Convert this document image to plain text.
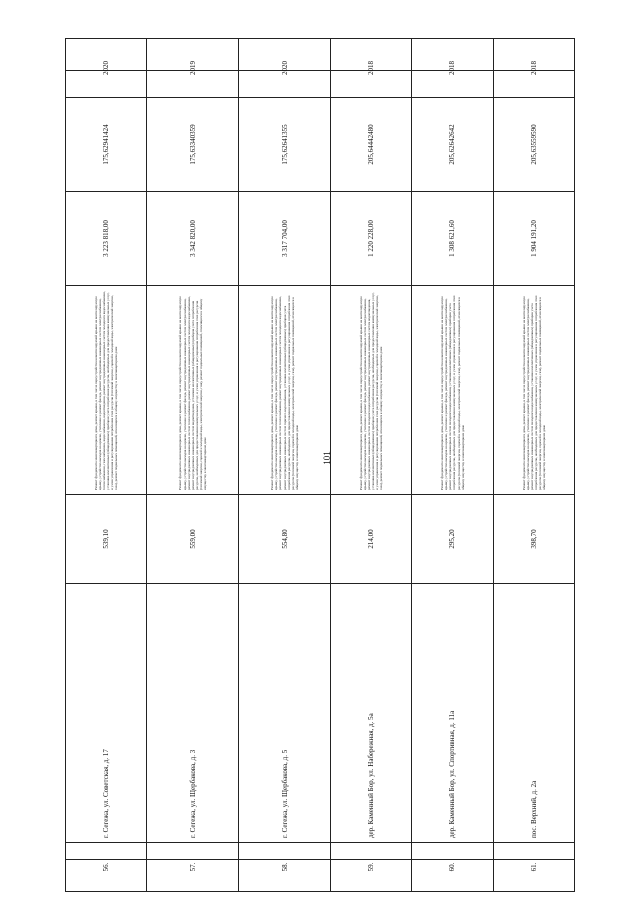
101
56.	г. Сегежа, ул. Советская, д. 17	539,10	Ремонт фундамента многоквартирного дома, ремонт крыши, в том числе переустройство невентилируемой крыши на вентилируемую крышу, устройство выходов на кровлю, утепление и ремонт фасада, ремонт внутридомовых инженерных систем электроснабжения, теплоснабжения, газоснабжения, водоснабжения, водоотведения, ремонт внутридомовых инженерных систем холодного водоснабжения, установка коллективных (общедомовых) приборов учета потребления ресурсов, необходимых для предоставления коммунальных услуг, и узлов управления и регулирования потребления этих ресурсов (тепловой энергии, горячей и холодной воды, электрической энергии, газа), ремонт подвальных помещений, относящихся к общему имуществу в многоквартирном доме	3 223 818,00	175,62941424	2020
57.	г. Сегежа, ул. Щербакова, д. 3	559,00	Ремонт фундамента многоквартирного дома, ремонт крыши, в том числе переустройство невентилируемой крыши на вентилируемую крышу, устройство выходов на кровлю, утепление и ремонт фасада, ремонт внутридомовых инженерных систем электроснабжения, ремонт внутридомовых инженерных систем теплоснабжения, ремонт внутридомовых инженерных систем холодного водоснабжения, ремонт внутридомовых инженерных систем водоотведения, установка коллективных (общедомовых) приборов учета потребления ресурсов, необходимых для предоставления коммунальных услуг, и узлов управления и регулирования потребления этих ресурсов (тепловой энергии, горячей и холодной воды, электрической энергии, газа), ремонт подвальных помещений, относящихся к общему имуществу в многоквартирном доме	3 342 820,00	175,63340359	2019
58.	г. Сегежа, ул. Щербакова, д. 5	554,80	Ремонт фундамента многоквартирного дома, ремонт крыши, в том числе переустройство невентилируемой крыши на вентилируемую крышу, устройство выходов на кровлю, утепление и ремонт фасада, ремонт внутридомовых инженерных систем электроснабжения, ремонт внутридомовых инженерных систем теплоснабжения, ремонт внутридомовых инженерных систем холодного водоснабжения, ремонт внутридомовых инженерных систем горячего водоснабжения, установка коллективных (общедомовых) приборов учета потребления ресурсов, необходимых для предоставления коммунальных услуг, и узлов управления и регулирования потребления этих ресурсов (тепловой энергии, горячей и холодной воды, электрической энергии, газа), ремонт подвальных помещений, относящихся к общему имуществу в многоквартирном доме	3 317 704,00	175,62641355	2020
59.	дер. Каменный Бор, ул. Набережная, д. 5а	214,00	Ремонт фундамента многоквартирного дома, ремонт крыши, в том числе переустройство невентилируемой крыши на вентилируемую крышу, устройство выходов на кровлю, утепление и ремонт фасада, ремонт внутридомовых инженерных систем электроснабжения, ремонт внутридомовых инженерных систем холодного водоснабжения, ремонт внутридомовых инженерных систем водоотведения, установка коллективных (общедомовых) приборов учета потребления ресурсов, необходимых для предоставления коммунальных услуг, и узлов управления и регулирования потребления этих ресурсов (тепловой энергии, горячей и холодной воды, электрической энергии, газа), ремонт подвальных помещений, относящихся к общему имуществу в многоквартирном доме	1 220 228,00	205,64442480	2018
60.	дер. Каменный Бор, ул. Спортивная, д. 11а	295,20	Ремонт фундамента многоквартирного дома, ремонт крыши, в том числе переустройство невентилируемой крыши на вентилируемую крышу, устройство выходов на кровлю, утепление и ремонт фасада, ремонт внутридомовых инженерных систем электроснабжения, ремонт внутридомовых инженерных систем холодного водоснабжения, установка коллективных (общедомовых) приборов учета потребления ресурсов, необходимых для предоставления коммунальных услуг, и узлов управления и регулирования потребления этих ресурсов (тепловой энергии, горячей и холодной воды, электрической энергии, газа), ремонт подвальных помещений, относящихся к общему имуществу в многоквартирном доме	1 308 621,60	205,62642642	2018
61.	пос. Верхний, д. 2а	398,70	Ремонт фундамента многоквартирного дома, ремонт крыши, в том числе переустройство невентилируемой крыши на вентилируемую крышу, устройство выходов на кровлю, утепление и ремонт фасада, ремонт внутридомовых инженерных систем электроснабжения, ремонт внутридомовых инженерных систем холодного водоснабжения, установка коллективных (общедомовых) приборов учета потребления ресурсов, необходимых для предоставления коммунальных услуг, и узлов управления и регулирования потребления этих ресурсов (тепловой энергии, горячей и холодной воды, электрической энергии, газа), ремонт подвальных помещений, относящихся к общему имуществу в многоквартирном доме	1 904 191,20	205,63559590	2018
